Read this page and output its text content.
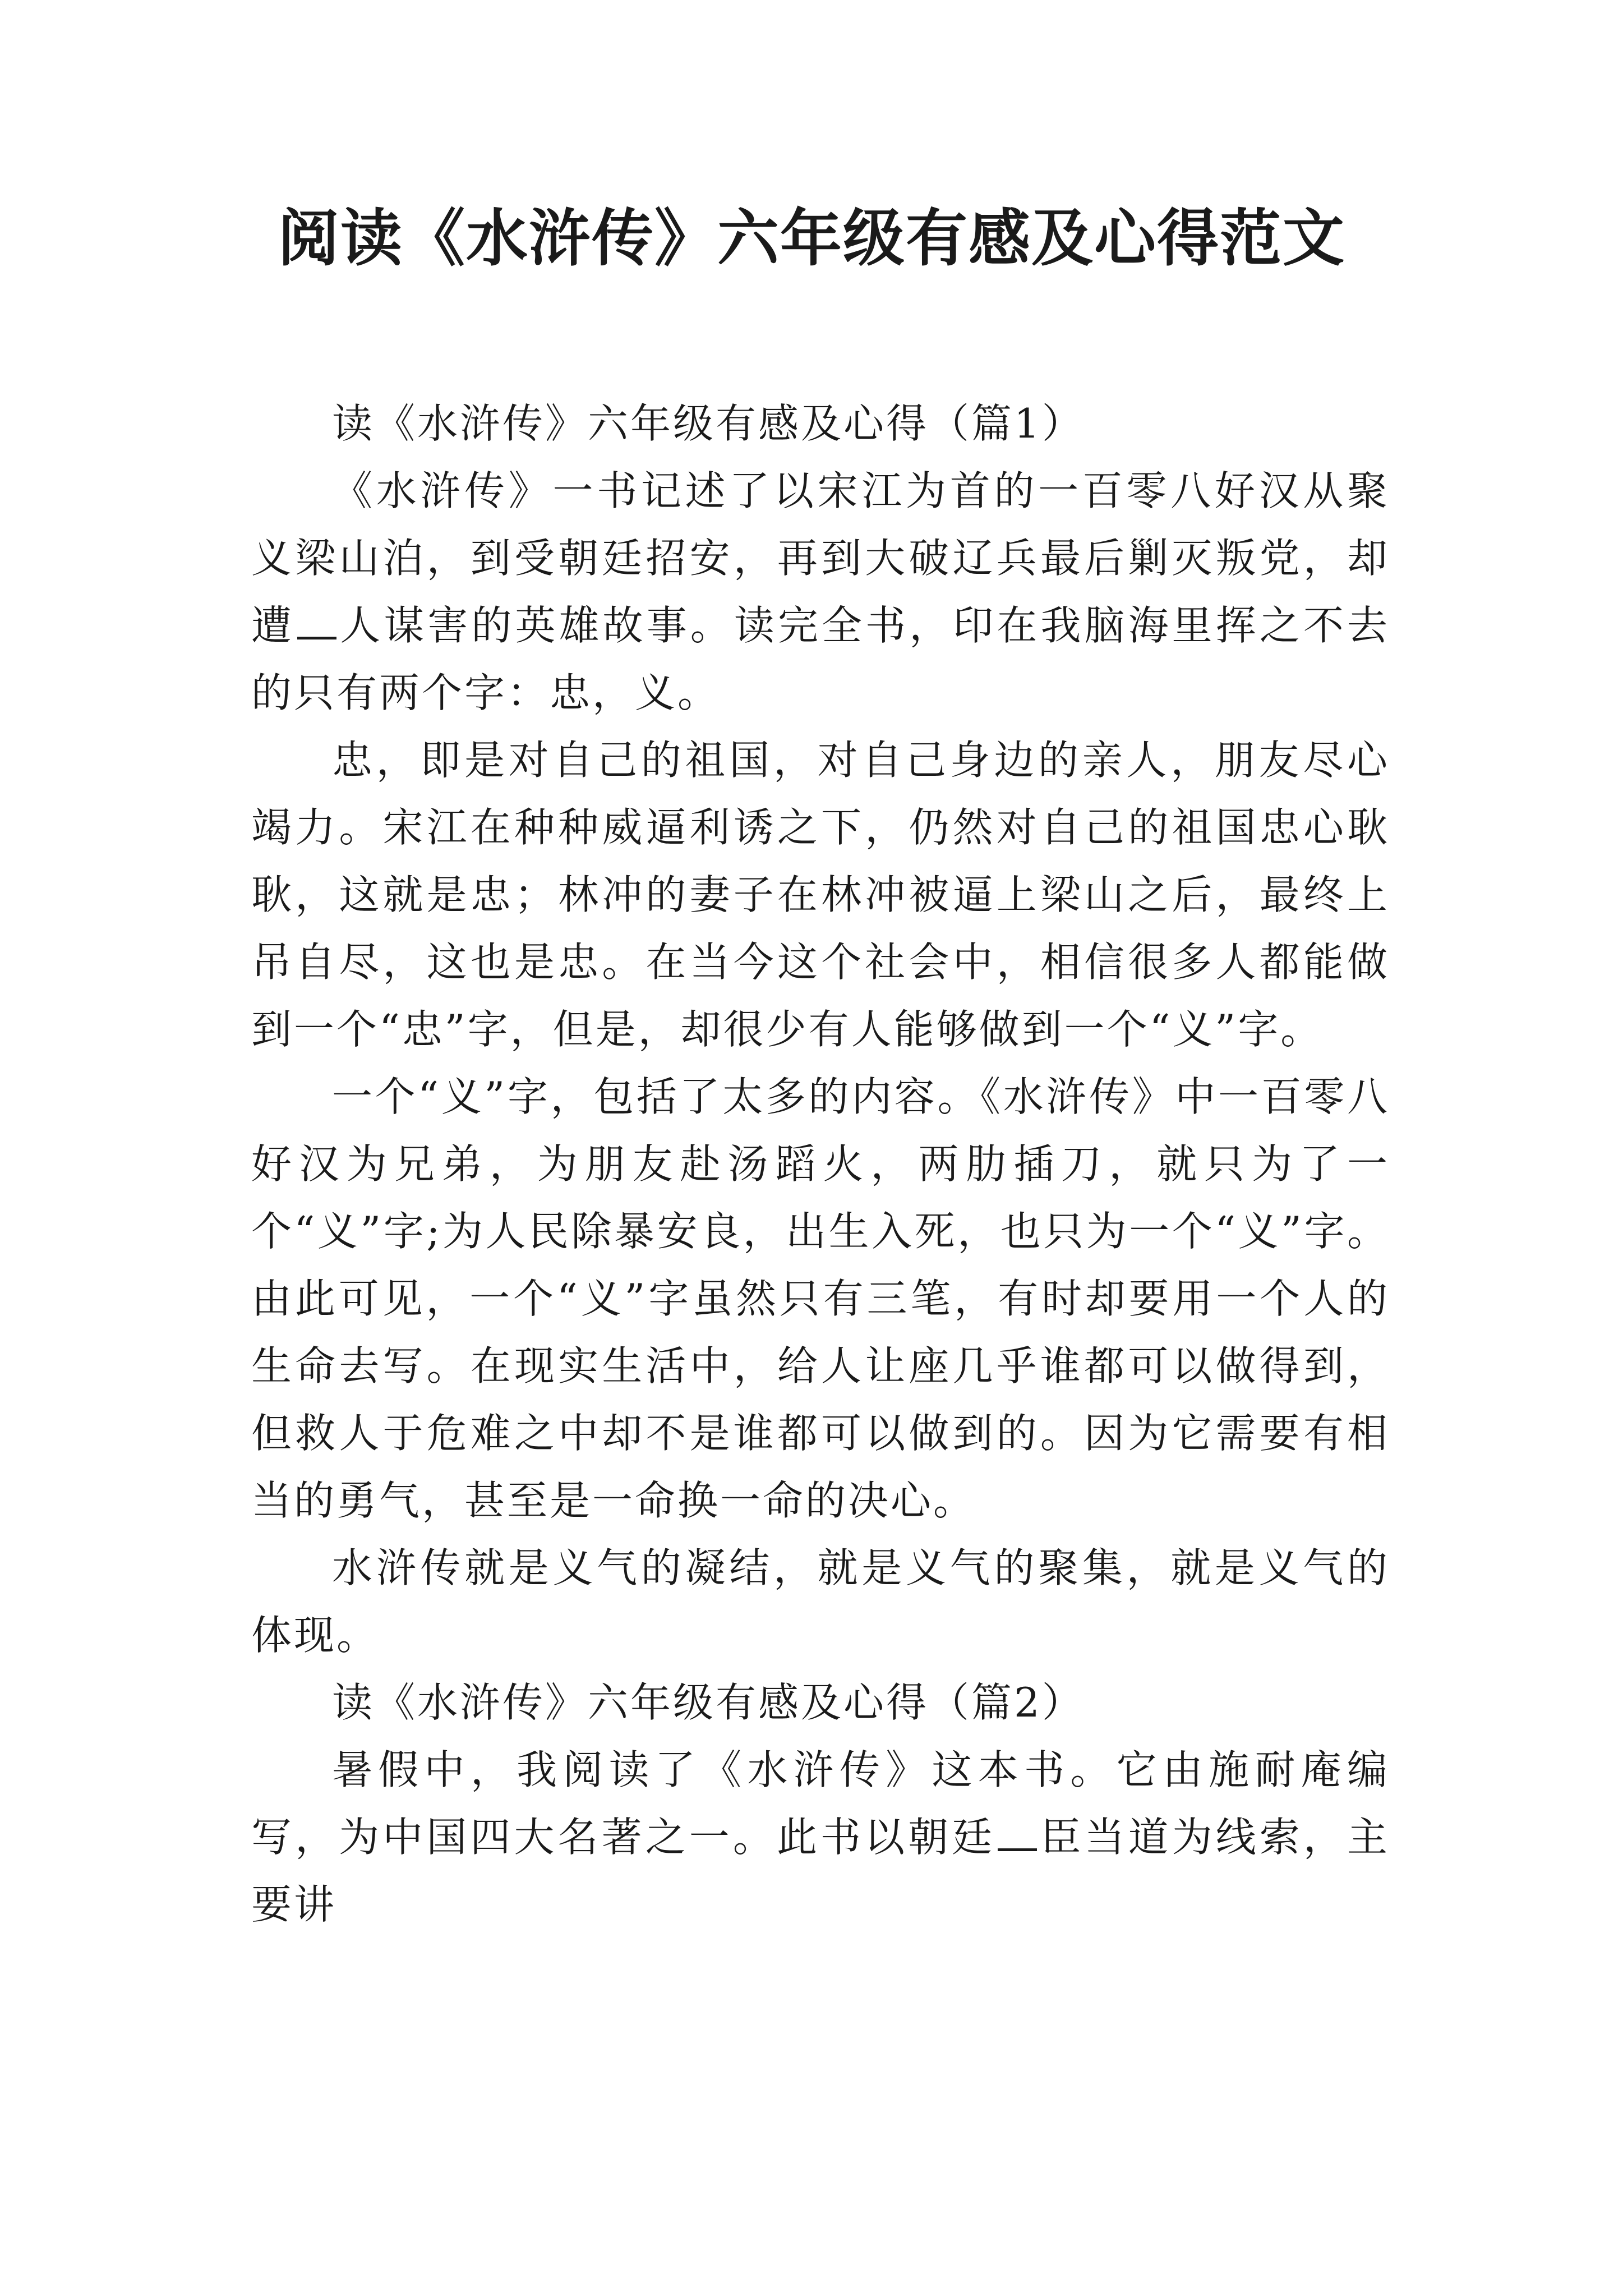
阅读《水浒传》六年级有感及心得范文

读《水浒传》六年级有感及心得（篇1）

《水浒传》一书记述了以宋江为首的一百零八好汉从聚义梁山泊，到受朝廷招安，再到大破辽兵最后剿灭叛党，却遭 人谋害的英雄故事。读完全书，印在我脑海里挥之不去的只有两个字：忠，义。

忠，即是对自己的祖国，对自己身边的亲人，朋友尽心竭力。宋江在种种威逼利诱之下，仍然对自己的祖国忠心耿耿，这就是忠；林冲的妻子在林冲被逼上梁山之后，最终上吊自尽，这也是忠。在当今这个社会中，相信很多人都能做到一个“忠”字，但是，却很少有人能够做到一个“义”字。

一个“义”字，包括了太多的内容。《水浒传》中一百零八好汉为兄弟，为朋友赴汤蹈火，两肋插刀，就只为了一个“义”字;为人民除暴安良，出生入死，也只为一个“义”字。由此可见，一个“义”字虽然只有三笔，有时却要用一个人的生命去写。在现实生活中，给人让座几乎谁都可以做得到，但救人于危难之中却不是谁都可以做到的。因为它需要有相当的勇气，甚至是一命换一命的决心。

水浒传就是义气的凝结，就是义气的聚集，就是义气的体现。

读《水浒传》六年级有感及心得（篇2）

暑假中，我阅读了《水浒传》这本书。它由施耐庵编写，为中国四大名著之一。此书以朝廷 臣当道为线索，主要讲
